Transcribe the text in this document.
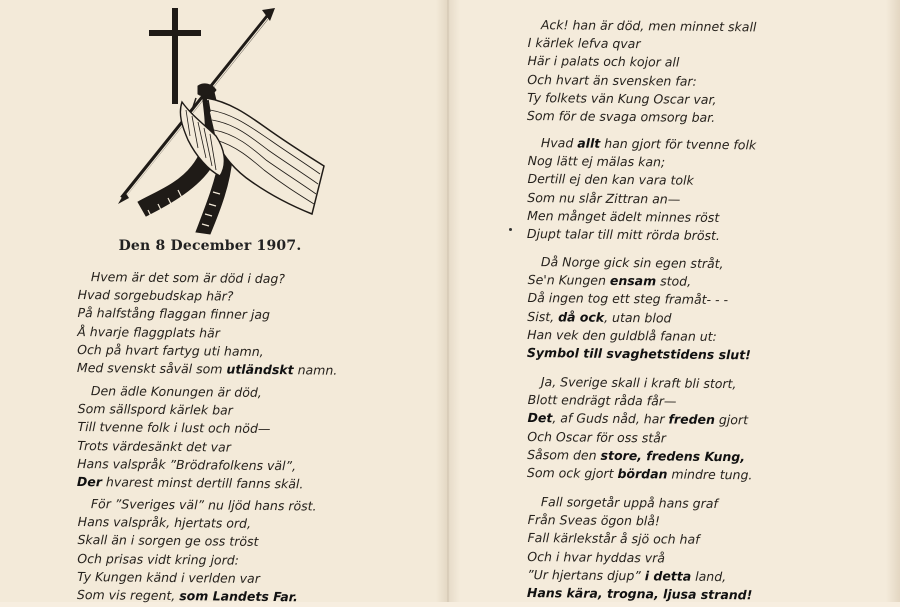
Den 8 December 1907.
Hvem är det som är död i dag?
Hvad sorgebudskap här?
På halfstång flaggan finner jag
Å hvarje flaggplats här
Och på hvart fartyg uti hamn,
Med svenskt såväl som utländskt namn.
Den ädle Konungen är död,
Som sällspord kärlek bar
Till tvenne folk i lust och nöd—
Trots värdesänkt det var
Hans valspråk ”Brödrafolkens väl”,
Der hvarest minst dertill fanns skäl.
För ”Sveriges väl” nu ljöd hans röst.
Hans valspråk, hjertats ord,
Skall än i sorgen ge oss tröst
Och prisas vidt kring jord:
Ty Kungen känd i verlden var
Som vis regent, som Landets Far.
Ack! han är död, men minnet skall
I kärlek lefva qvar
Här i palats och kojor all
Och hvart än svensken far:
Ty folkets vän Kung Oscar var,
Som för de svaga omsorg bar.
Hvad allt han gjort för tvenne folk
Nog lätt ej mälas kan;
Dertill ej den kan vara tolk
Som nu slår Zittran an—
Men månget ädelt minnes röst
Djupt talar till mitt rörda bröst.
Då Norge gick sin egen stråt,
Se'n Kungen ensam stod,
Då ingen tog ett steg framåt- - -
Sist, då ock, utan blod
Han vek den guldblå fanan ut:
Symbol till svaghetstidens slut!
Ja, Sverige skall i kraft bli stort,
Blott endrägt råda får—
Det, af Guds nåd, har freden gjort
Och Oscar för oss står
Såsom den store, fredens Kung,
Som ock gjort bördan mindre tung.
Fall sorgetår uppå hans graf
Från Sveas ögon blå!
Fall kärlekstår å sjö och haf
Och i hvar hyddas vrå
”Ur hjertans djup” i detta land,
Hans kära, trogna, ljusa strand!
